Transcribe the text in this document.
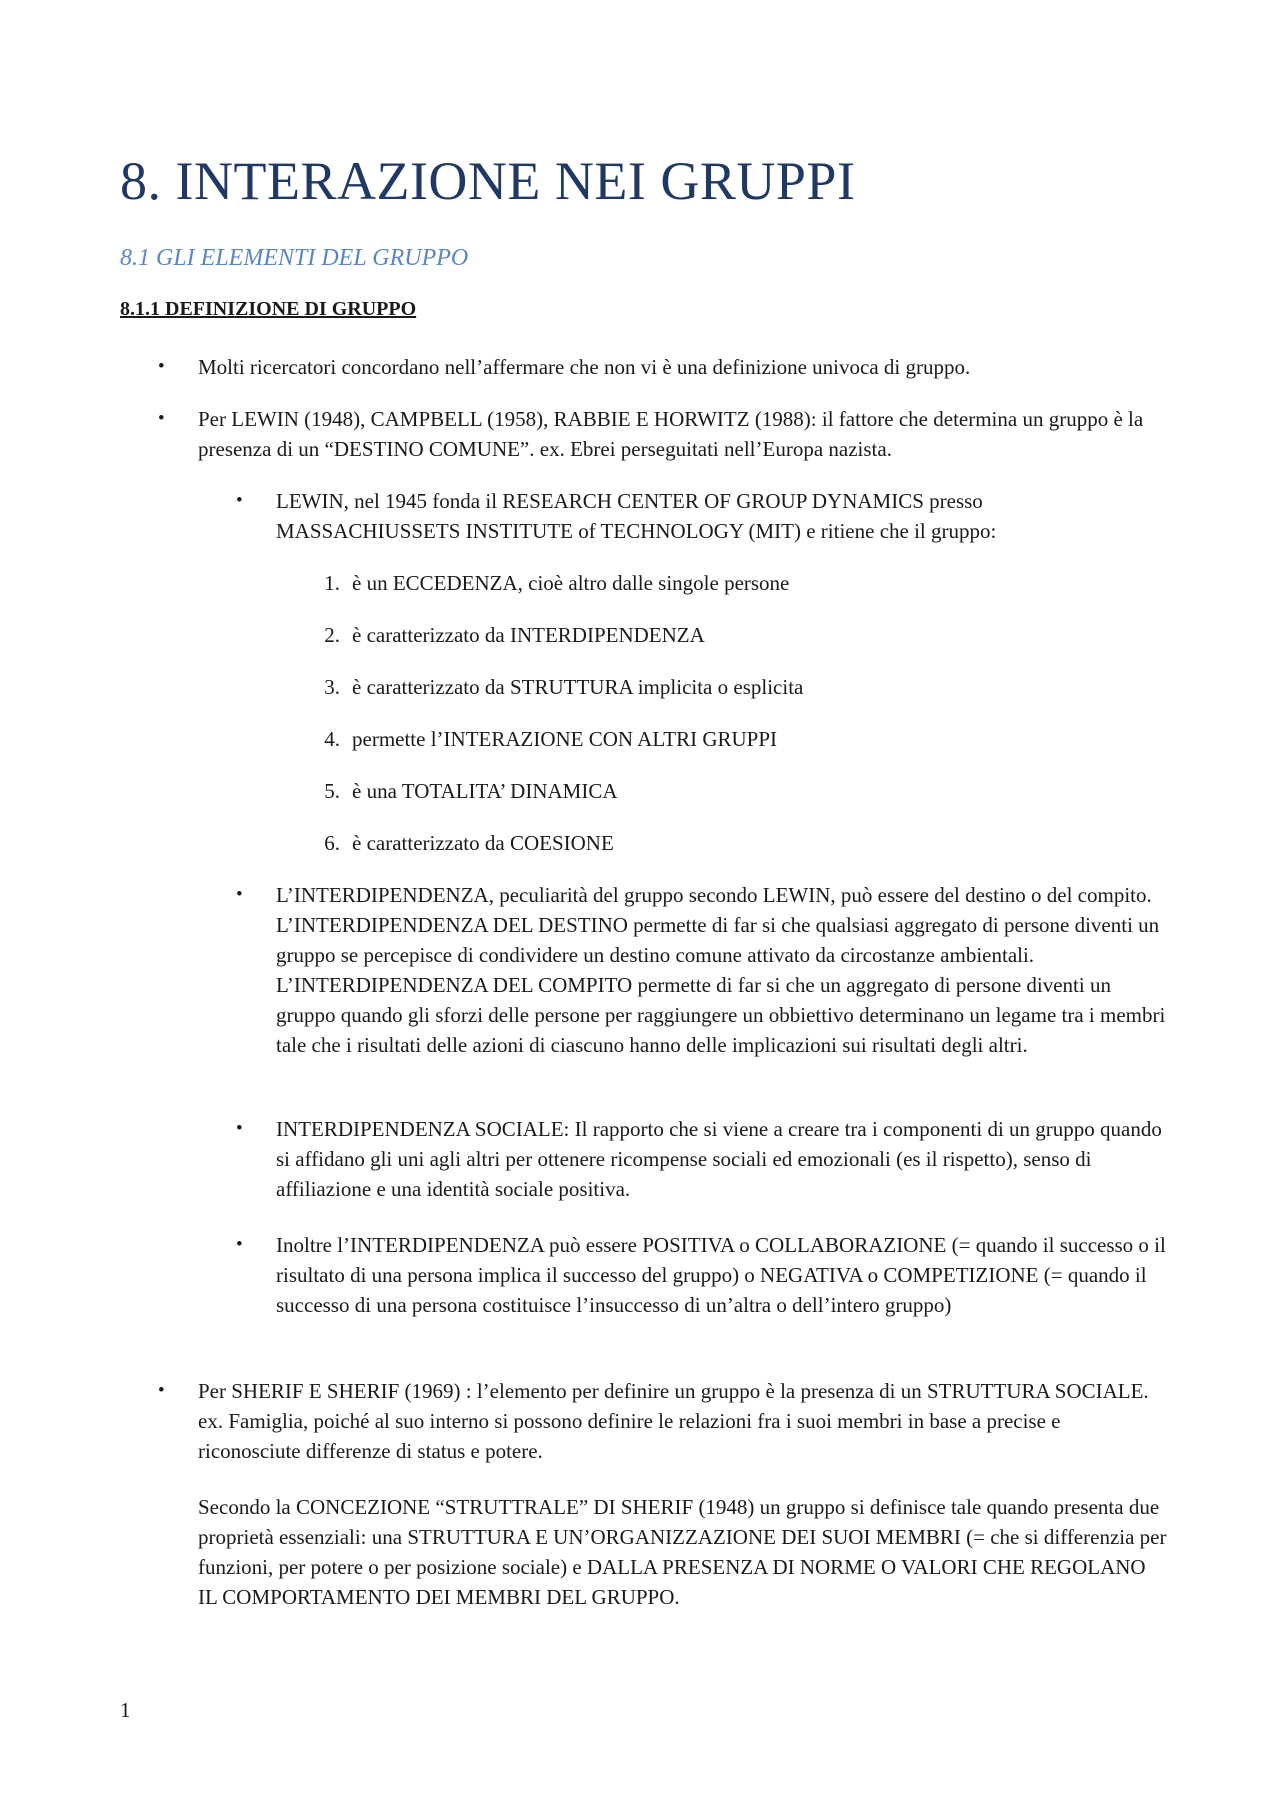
8. INTERAZIONE NEI GRUPPI
8.1 GLI ELEMENTI DEL GRUPPO
8.1.1 DEFINIZIONE DI GRUPPO
• Molti ricercatori concordano nell’affermare che non vi è una definizione univoca di gruppo.

• Per LEWIN (1948), CAMPBELL (1958), RABBIE E HORWITZ (1988): il fattore che determina un gruppo è la presenza di un “DESTINO COMUNE”. ex. Ebrei perseguitati nell’Europa nazista.

• LEWIN, nel 1945 fonda il RESEARCH CENTER OF GROUP DYNAMICS presso MASSACHIUSSETS INSTITUTE of TECHNOLOGY (MIT) e ritiene che il gruppo:

1. è un ECCEDENZA, cioè altro dalle singole persone

2. è caratterizzato da INTERDIPENDENZA

3. è caratterizzato da STRUTTURA implicita o esplicita

4. permette l’INTERAZIONE CON ALTRI GRUPPI

5. è una TOTALITA’ DINAMICA

6. è caratterizzato da COESIONE

• L’INTERDIPENDENZA, peculiarità del gruppo secondo LEWIN, può essere del destino o del compito. L’INTERDIPENDENZA DEL DESTINO permette di far si che qualsiasi aggregato di persone diventi un gruppo se percepisce di condividere un destino comune attivato da circostanze ambientali. L’INTERDIPENDENZA DEL COMPITO permette di far si che un aggregato di persone diventi un gruppo quando gli sforzi delle persone per raggiungere un obbiettivo determinano un legame tra i membri tale che i risultati delle azioni di ciascuno hanno delle implicazioni sui risultati degli altri.

• INTERDIPENDENZA SOCIALE: Il rapporto che si viene a creare tra i componenti di un gruppo quando si affidano gli uni agli altri per ottenere ricompense sociali ed emozionali (es il rispetto), senso di affiliazione e una identità sociale positiva.

• Inoltre l’INTERDIPENDENZA può essere POSITIVA o COLLABORAZIONE (= quando il successo o il risultato di una persona implica il successo del gruppo) o NEGATIVA o COMPETIZIONE (= quando il successo di una persona costituisce l’insuccesso di un’altra o dell’intero gruppo)

• Per SHERIF E SHERIF (1969) : l’elemento per definire un gruppo è la presenza di un STRUTTURA SOCIALE. ex. Famiglia, poiché al suo interno si possono definire le relazioni fra i suoi membri in base a precise e riconosciute differenze di status e potere.

Secondo la CONCEZIONE “STRUTTRALE” DI SHERIF (1948) un gruppo si definisce tale quando presenta due proprietà essenziali: una STRUTTURA E UN’ORGANIZZAZIONE DEI SUOI MEMBRI (= che si differenzia per funzioni, per potere o per posizione sociale) e DALLA PRESENZA DI NORME O VALORI CHE REGOLANO IL COMPORTAMENTO DEI MEMBRI DEL GRUPPO.

1
